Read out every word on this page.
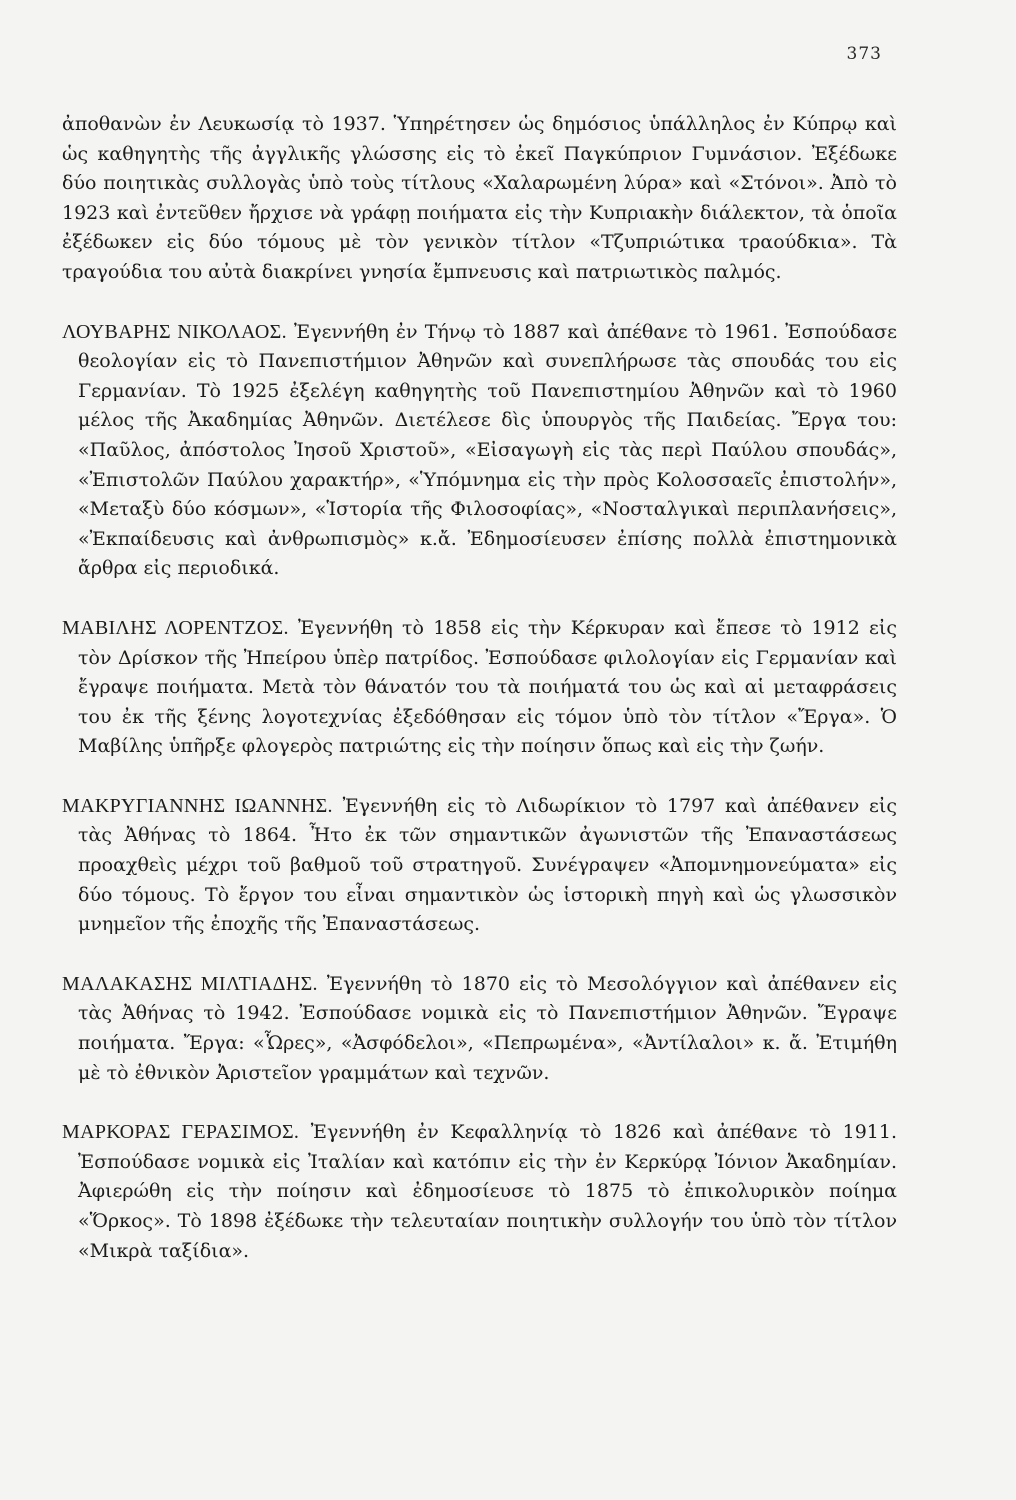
373

ἀποθανὼν ἐν Λευκωσίᾳ τὸ 1937. Ὑπηρέτησεν ὡς δημόσιος ὑπάλληλος ἐν Κύπρῳ καὶ ὡς καθηγητὴς τῆς ἀγγλικῆς γλώσσης εἰς τὸ ἐκεῖ Παγκύπριον Γυμνάσιον. Ἐξέδωκε δύο ποιητικὰς συλλογὰς ὑπὸ τοὺς τίτλους «Χαλαρωμένη λύρα» καὶ «Στόνοι». Ἀπὸ τὸ 1923 καὶ ἐντεῦθεν ἤρχισε νὰ γράφῃ ποιήματα εἰς τὴν Κυπριακὴν διάλεκτον, τὰ ὁποῖα ἐξέδωκεν εἰς δύο τόμους μὲ τὸν γενικὸν τίτλον «Τζυπριώτικα τραούδκια». Τὰ τραγούδια του αὐτὰ διακρίνει γνησία ἔμπνευσις καὶ πατριωτικὸς παλμός.

ΛΟΥΒΑΡΗΣ ΝΙΚΟΛΑΟΣ. Ἐγεννήθη ἐν Τήνῳ τὸ 1887 καὶ ἀπέθανε τὸ 1961. Ἐσπούδασε θεολογίαν εἰς τὸ Πανεπιστήμιον Ἀθηνῶν καὶ συνεπλήρωσε τὰς σπουδάς του εἰς Γερμανίαν. Τὸ 1925 ἐξελέγη καθηγητὴς τοῦ Πανεπιστημίου Ἀθηνῶν καὶ τὸ 1960 μέλος τῆς Ἀκαδημίας Ἀθηνῶν. Διετέλεσε δὶς ὑπουργὸς τῆς Παιδείας. Ἔργα του: «Παῦλος, ἀπόστολος Ἰησοῦ Χριστοῦ», «Εἰσαγωγὴ εἰς τὰς περὶ Παύλου σπουδάς», «Ἐπιστολῶν Παύλου χαρακτήρ», «Ὑπόμνημα εἰς τὴν πρὸς Κολοσσαεῖς ἐπιστολήν», «Μεταξὺ δύο κόσμων», «Ἱστορία τῆς Φιλοσοφίας», «Νοσταλγικαὶ περιπλανήσεις», «Ἐκπαίδευσις καὶ ἀνθρωπισμὸς» κ.ἄ. Ἐδημοσίευσεν ἐπίσης πολλὰ ἐπιστημονικὰ ἄρθρα εἰς περιοδικά.

ΜΑΒΙΛΗΣ ΛΟΡΕΝΤΖΟΣ. Ἐγεννήθη τὸ 1858 εἰς τὴν Κέρκυραν καὶ ἔπεσε τὸ 1912 εἰς τὸν Δρίσκον τῆς Ἠπείρου ὑπὲρ πατρίδος. Ἐσπούδασε φιλολογίαν εἰς Γερμανίαν καὶ ἔγραψε ποιήματα. Μετὰ τὸν θάνατόν του τὰ ποιήματά του ὡς καὶ αἱ μεταφράσεις του ἐκ τῆς ξένης λογοτεχνίας ἐξεδόθησαν εἰς τόμον ὑπὸ τὸν τίτλον «Ἔργα». Ὁ Μαβίλης ὑπῆρξε φλογερὸς πατριώτης εἰς τὴν ποίησιν ὅπως καὶ εἰς τὴν ζωήν.

ΜΑΚΡΥΓΙΑΝΝΗΣ ΙΩΑΝΝΗΣ. Ἐγεννήθη εἰς τὸ Λιδωρίκιον τὸ 1797 καὶ ἀπέθανεν εἰς τὰς Ἀθήνας τὸ 1864. Ἦτο ἐκ τῶν σημαντικῶν ἀγωνιστῶν τῆς Ἐπαναστάσεως προαχθεὶς μέχρι τοῦ βαθμοῦ τοῦ στρατηγοῦ. Συνέγραψεν «Ἀπομνημονεύματα» εἰς δύο τόμους. Τὸ ἔργον του εἶναι σημαντικὸν ὡς ἱστορικὴ πηγὴ καὶ ὡς γλωσσικὸν μνημεῖον τῆς ἐποχῆς τῆς Ἐπαναστάσεως.

ΜΑΛΑΚΑΣΗΣ ΜΙΛΤΙΑΔΗΣ. Ἐγεννήθη τὸ 1870 εἰς τὸ Μεσολόγγιον καὶ ἀπέθανεν εἰς τὰς Ἀθήνας τὸ 1942. Ἐσπούδασε νομικὰ εἰς τὸ Πανεπιστήμιον Ἀθηνῶν. Ἔγραψε ποιήματα. Ἔργα: «Ὧρες», «Ἀσφόδελοι», «Πεπρωμένα», «Ἀντίλαλοι» κ. ἄ. Ἐτιμήθη μὲ τὸ ἐθνικὸν Ἀριστεῖον γραμμάτων καὶ τεχνῶν.

ΜΑΡΚΟΡΑΣ ΓΕΡΑΣΙΜΟΣ. Ἐγεννήθη ἐν Κεφαλληνίᾳ τὸ 1826 καὶ ἀπέθανε τὸ 1911. Ἐσπούδασε νομικὰ εἰς Ἰταλίαν καὶ κατόπιν εἰς τὴν ἐν Κερκύρᾳ Ἰόνιον Ἀκαδημίαν. Ἀφιερώθη εἰς τὴν ποίησιν καὶ ἐδημοσίευσε τὸ 1875 τὸ ἐπικολυρικὸν ποίημα «Ὅρκος». Τὸ 1898 ἐξέδωκε τὴν τελευταίαν ποιητικὴν συλλογήν του ὑπὸ τὸν τίτλον «Μικρὰ ταξίδια».
